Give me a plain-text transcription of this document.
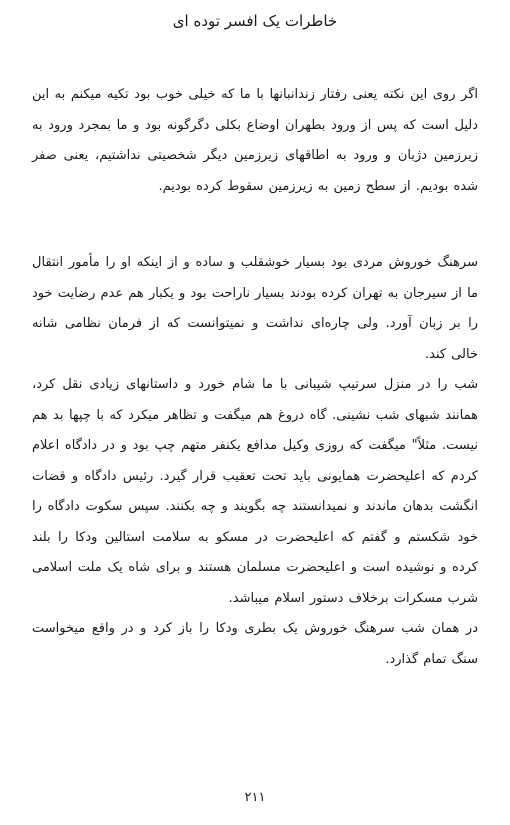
خاطرات یک افسر توده ای

اگر روی این نکته یعنی رفتار زندانبانها با ما که خیلی خوب بود تکیه میکنم به این دلیل است که پس از ورود بطهران اوضاع بکلی دگرگونه بود و ما بمجرد ورود به زیرزمین دژبان و ورود به اطاقهای زیرزمین دیگر شخصیتی نداشتیم، یعنی صفر شده بودیم. از سطح زمین به زیرزمین سقوط کرده بودیم.

سرهنگ خوروش مردی بود بسیار خوشقلب و ساده و از اینکه او را مأمور انتقال ما از سیرجان به تهران کرده بودند بسیار ناراحت بود و یکبار هم عدم رضایت خود را بر زبان آورد. ولی چاره‌ای نداشت و نمیتوانست که از فرمان نظامی شانه خالی کند.

شب را در منزل سرتیپ شیبانی با ما شام خورد و داستانهای زیادی نقل کرد، همانند شبهای شب نشینی. گاه دروغ هم میگفت و تظاهر میکرد که با چپها بد هم نیست. مثلاً" میگفت که روزی وکیل مدافع یکنفر متهم چپ بود و در دادگاه اعلام کردم که اعلیحضرت همایونی باید تحت تعقیب قرار گیرد. رئیس دادگاه و قضات انگشت بدهان ماندند و نمیدانستند چه بگویند و چه بکنند. سپس سکوت دادگاه را خود شکستم و گفتم که اعلیحضرت در مسکو به سلامت استالین ودکا را بلند کرده و نوشیده است و اعلیحضرت مسلمان هستند و برای شاه یک ملت اسلامی شرب مسکرات برخلاف دستور اسلام میباشد.

در همان شب سرهنگ خوروش یک بطری ودکا را باز کرد و در واقع میخواست سنگ تمام گذارد.

۲۱۱
